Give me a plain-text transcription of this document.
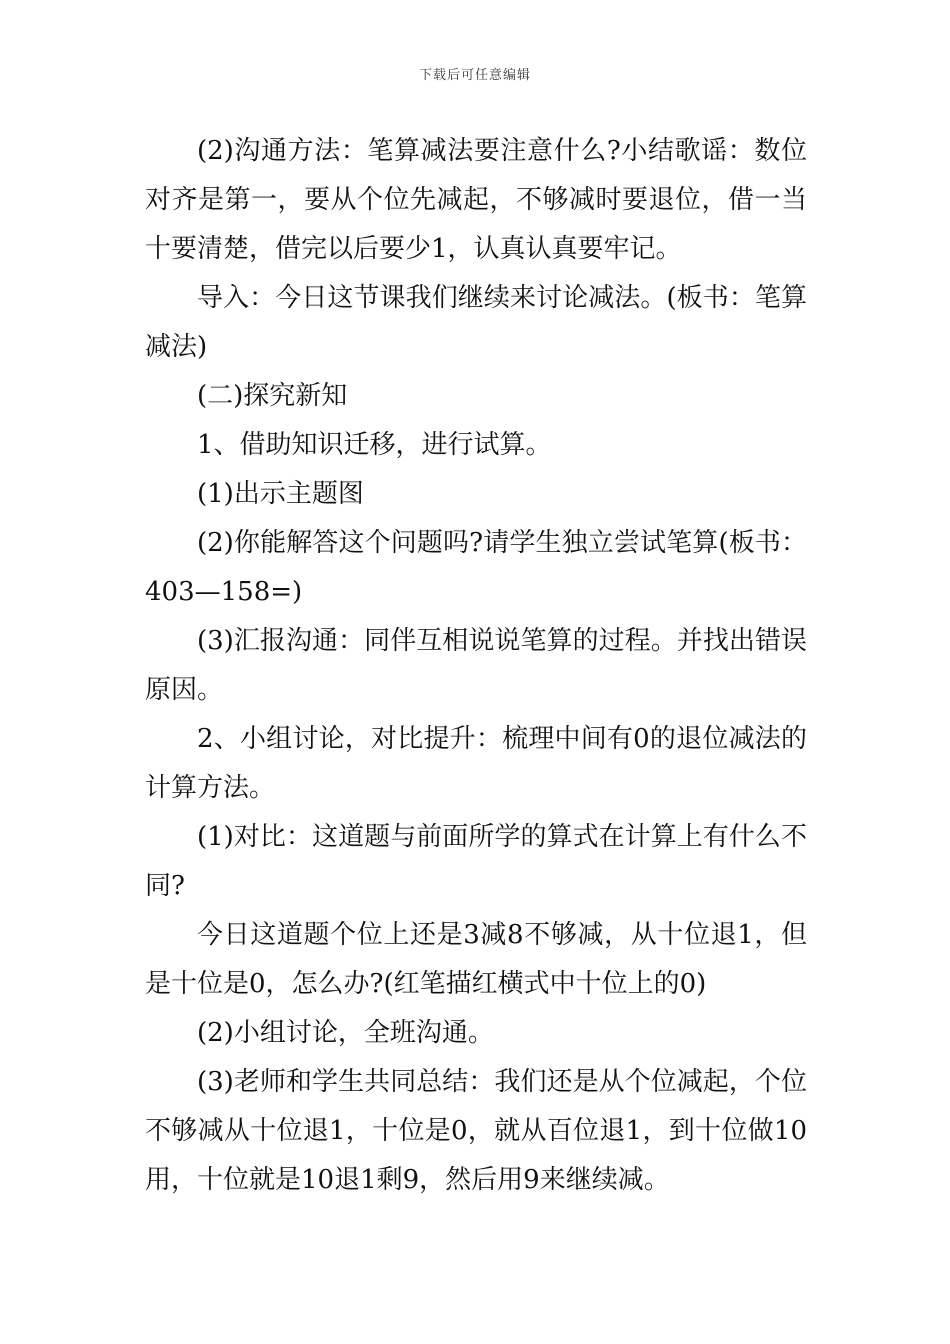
下载后可任意编辑

(2)沟通方法：笔算减法要注意什么?小结歌谣：数位对齐是第一，要从个位先减起，不够减时要退位，借一当十要清楚，借完以后要少1，认真认真要牢记。

导入：今日这节课我们继续来讨论减法。(板书：笔算减法)

(二)探究新知

1、借助知识迁移，进行试算。

(1)出示主题图

(2)你能解答这个问题吗?请学生独立尝试笔算(板书：403—158=)

(3)汇报沟通：同伴互相说说笔算的过程。并找出错误原因。

2、小组讨论，对比提升：梳理中间有0的退位减法的计算方法。

(1)对比：这道题与前面所学的算式在计算上有什么不同?

今日这道题个位上还是3减8不够减，从十位退1，但是十位是0，怎么办?(红笔描红横式中十位上的0)

(2)小组讨论，全班沟通。

(3)老师和学生共同总结：我们还是从个位减起，个位不够减从十位退1，十位是0，就从百位退1，到十位做10用，十位就是10退1剩9，然后用9来继续减。
